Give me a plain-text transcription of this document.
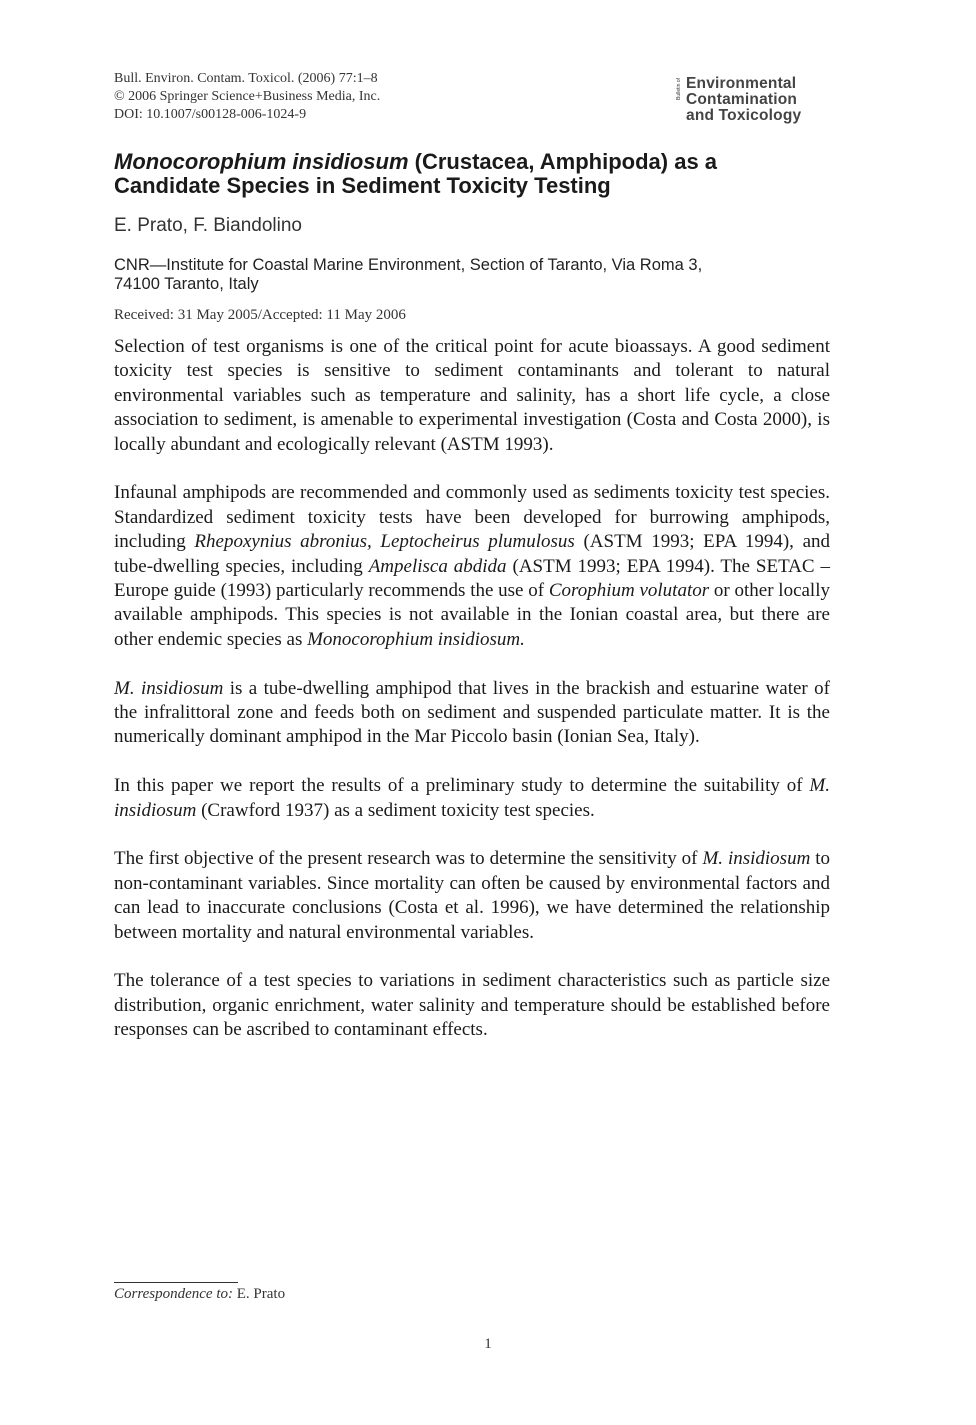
Bull. Environ. Contam. Toxicol. (2006) 77:1–8
© 2006 Springer Science+Business Media, Inc.
DOI: 10.1007/s00128-006-1024-9
Bulletin of Environmental
Contamination
and Toxicology
Monocorophium insidiosum (Crustacea, Amphipoda) as a
Candidate Species in Sediment Toxicity Testing
E. Prato, F. Biandolino
CNR—Institute for Coastal Marine Environment, Section of Taranto, Via Roma 3,
74100 Taranto, Italy
Received: 31 May 2005/Accepted: 11 May 2006

Selection of test organisms is one of the critical point for acute bioassays. A good sediment toxicity test species is sensitive to sediment contaminants and tolerant to natural environmental variables such as temperature and salinity, has a short life cycle, a close association to sediment, is amenable to experimental investigation (Costa and Costa 2000), is locally abundant and ecologically relevant (ASTM 1993).

Infaunal amphipods are recommended and commonly used as sediments toxicity test species. Standardized sediment toxicity tests have been developed for burrowing amphipods, including Rhepoxynius abronius, Leptocheirus plumulosus (ASTM 1993; EPA 1994), and tube-dwelling species, including Ampelisca abdida (ASTM 1993; EPA 1994). The SETAC – Europe guide (1993) particularly recommends the use of Corophium volutator or other locally available amphipods. This species is not available in the Ionian coastal area, but there are other endemic species as Monocorophium insidiosum.

M. insidiosum is a tube-dwelling amphipod that lives in the brackish and estuarine water of the infralittoral zone and feeds both on sediment and suspended particulate matter. It is the numerically dominant amphipod in the Mar Piccolo basin (Ionian Sea, Italy).

In this paper we report the results of a preliminary study to determine the suitability of M. insidiosum (Crawford 1937) as a sediment toxicity test species.

The first objective of the present research was to determine the sensitivity of M. insidiosum to non-contaminant variables. Since mortality can often be caused by environmental factors and can lead to inaccurate conclusions (Costa et al. 1996), we have determined the relationship between mortality and natural environmental variables.

The tolerance of a test species to variations in sediment characteristics such as particle size distribution, organic enrichment, water salinity and temperature should be established before responses can be ascribed to contaminant effects.

Correspondence to: E. Prato
1
